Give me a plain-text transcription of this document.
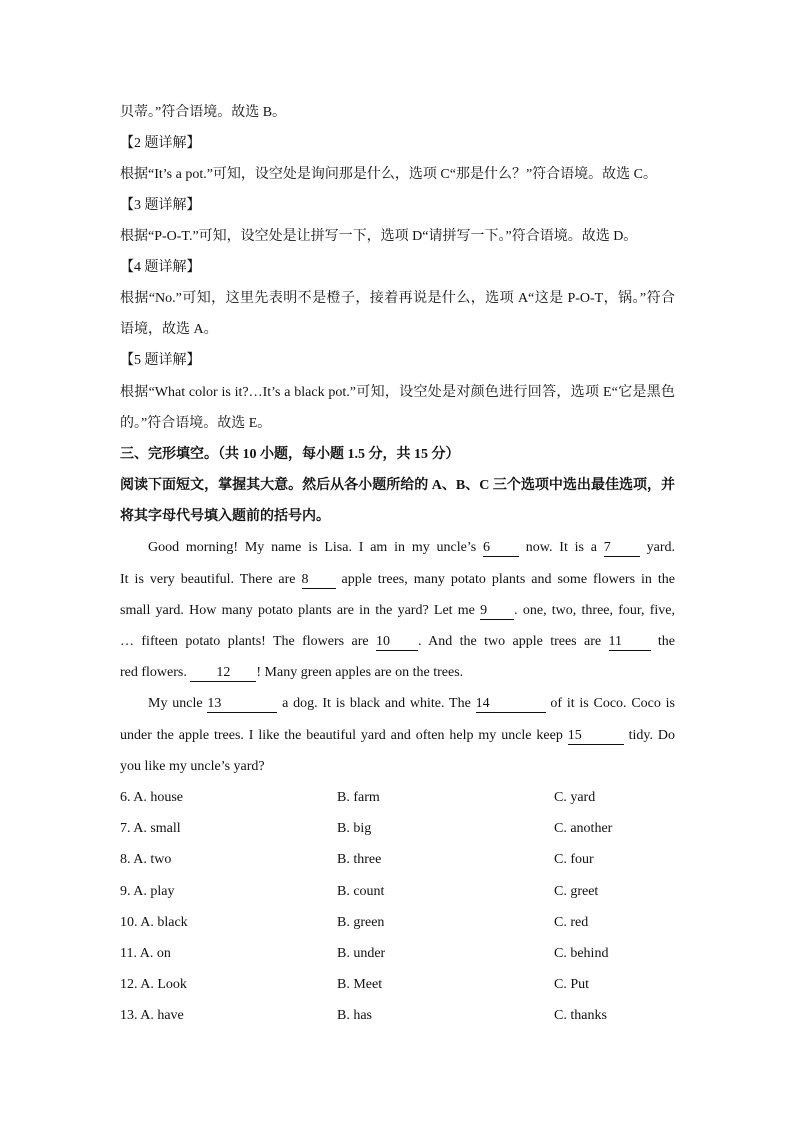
贝蒂。”符合语境。故选 B。
【2 题详解】
根据“It’s a pot.”可知，设空处是询问那是什么，选项 C“那是什么？”符合语境。故选 C。
【3 题详解】
根据“P-O-T.”可知，设空处是让拼写一下，选项 D“请拼写一下。”符合语境。故选 D。
【4 题详解】
根据“No.”可知，这里先表明不是橙子，接着再说是什么，选项 A“这是 P-O-T，锅。”符合
语境，故选 A。
【5 题详解】
根据“What color is it?…It’s a black pot.”可知，设空处是对颜色进行回答，选项 E“它是黑色
的。”符合语境。故选 E。
三、完形填空。（共 10 小题，每小题 1.5 分，共 15 分）
阅读下面短文，掌握其大意。然后从各小题所给的 A、B、C 三个选项中选出最佳选项，并
将其字母代号填入题前的括号内。
Good morning! My name is Lisa. I am in my uncle’s 6 now. It is a 7 yard.
It is very beautiful. There are 8 apple trees, many potato plants and some flowers in the
small yard. How many potato plants are in the yard? Let me 9 . one, two, three, four, five,
… fifteen potato plants! The flowers are 10 . And the two apple trees are 11 the
red flowers. 12 ! Many green apples are on the trees.
My uncle 13	a dog. It is black and white. The 14	of it is Coco. Coco is
under the apple trees. I like the beautiful yard and often help my uncle keep 15	tidy. Do
you like my uncle’s yard?
6. A. house	B. farm	C. yard
7. A. small	B. big	C. another
8. A. two	B. three	C. four
9. A. play	B. count	C. greet
10. A. black	B. green	C. red
11. A. on	B. under	C. behind
12. A. Look	B. Meet	C. Put
13. A. have	B. has	C. thanks
